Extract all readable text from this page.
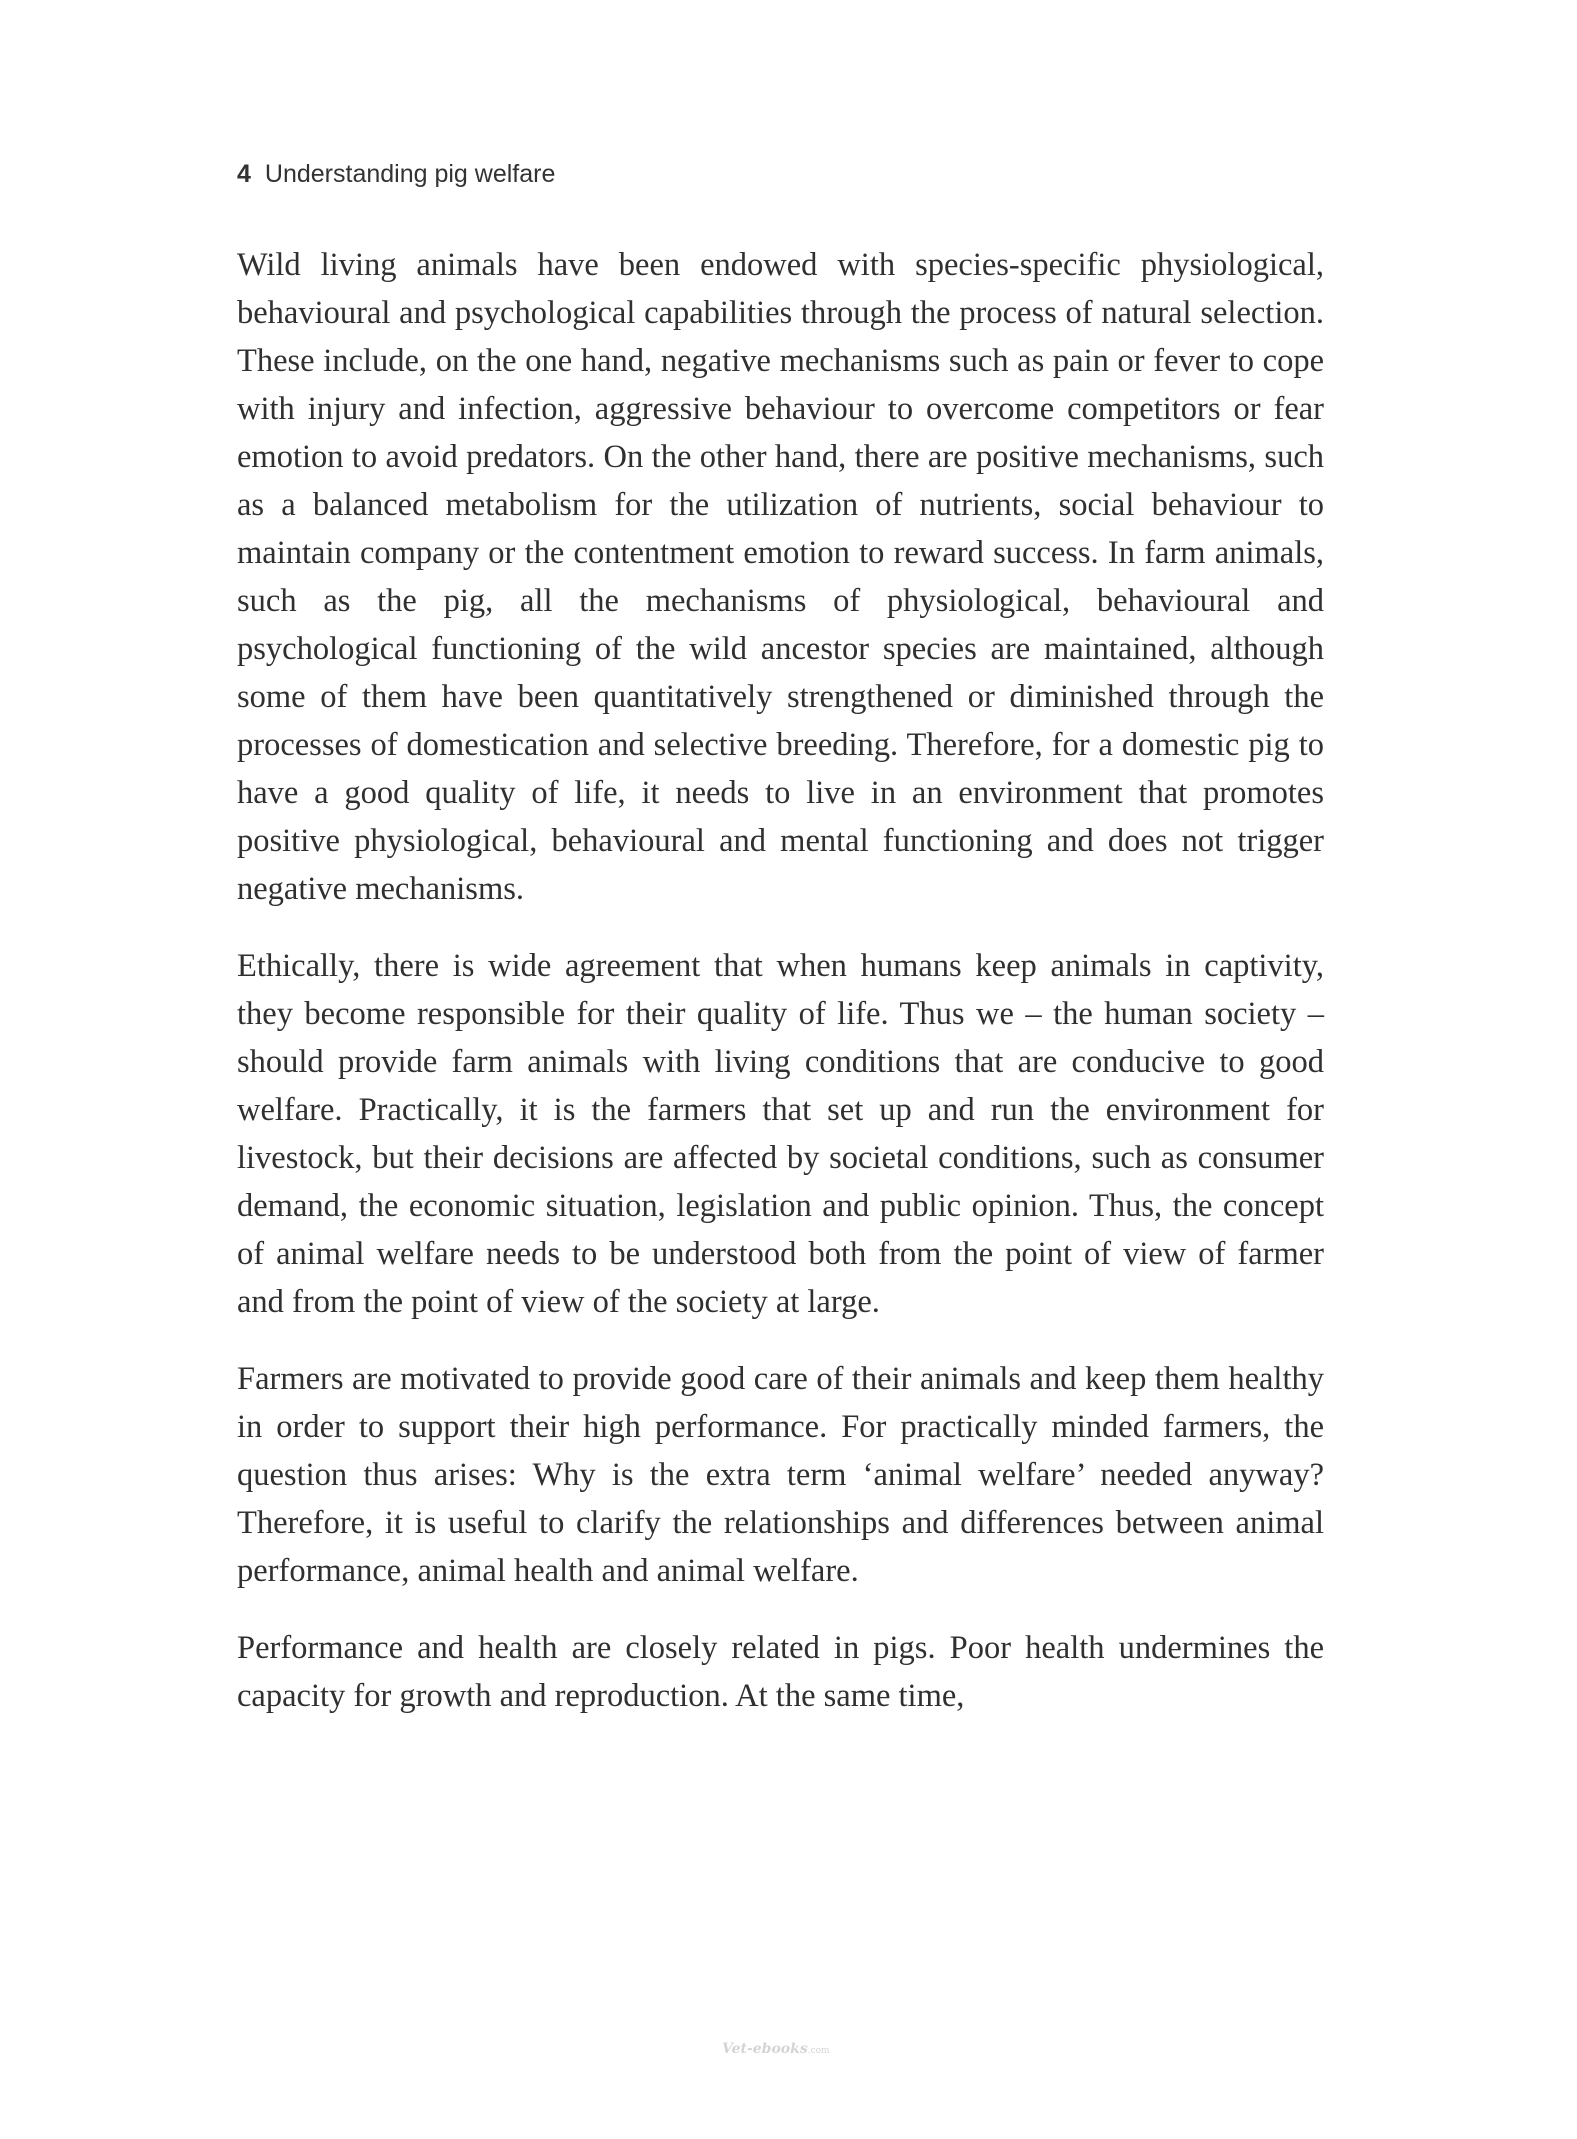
4 Understanding pig welfare

Wild living animals have been endowed with species-specific physiological, behavioural and psychological capabilities through the process of natural selection. These include, on the one hand, negative mechanisms such as pain or fever to cope with injury and infection, aggressive behaviour to overcome competitors or fear emotion to avoid predators. On the other hand, there are positive mechanisms, such as a balanced metabolism for the utilization of nutrients, social behaviour to maintain company or the contentment emotion to reward success. In farm animals, such as the pig, all the mechanisms of physiological, behavioural and psychological functioning of the wild ancestor species are maintained, although some of them have been quantitatively strengthened or diminished through the processes of domestication and selective breeding. Therefore, for a domestic pig to have a good quality of life, it needs to live in an environment that promotes positive physiological, behavioural and mental functioning and does not trigger negative mechanisms.

Ethically, there is wide agreement that when humans keep animals in captivity, they become responsible for their quality of life. Thus we – the human society – should provide farm animals with living conditions that are conducive to good welfare. Practically, it is the farmers that set up and run the environment for livestock, but their decisions are affected by societal conditions, such as consumer demand, the economic situation, legislation and public opinion. Thus, the concept of animal welfare needs to be understood both from the point of view of farmer and from the point of view of the society at large.

Farmers are motivated to provide good care of their animals and keep them healthy in order to support their high performance. For practically minded farmers, the question thus arises: Why is the extra term ‘animal welfare’ needed anyway? Therefore, it is useful to clarify the relationships and differences between animal performance, animal health and animal welfare.

Performance and health are closely related in pigs. Poor health undermines the capacity for growth and reproduction. At the same time,

Vet-ebooks.com
